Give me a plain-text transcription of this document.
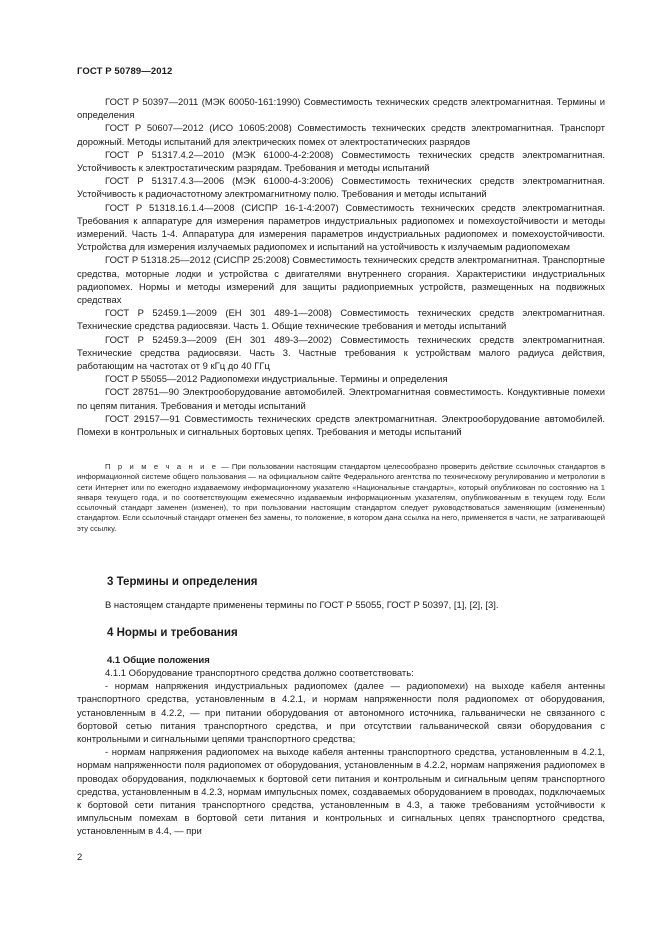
ГОСТ Р 50789—2012

ГОСТ Р 50397—2011 (МЭК 60050-161:1990) Совместимость технических средств электромагнитная. Термины и определения

ГОСТ Р 50607—2012 (ИСО 10605:2008) Совместимость технических средств электромагнитная. Транспорт дорожный. Методы испытаний для электрических помех от электростатических разрядов

ГОСТ Р 51317.4.2—2010 (МЭК 61000-4-2:2008) Совместимость технических средств электромагнитная. Устойчивость к электростатическим разрядам. Требования и методы испытаний

ГОСТ Р 51317.4.3—2006 (МЭК 61000-4-3:2006) Совместимость технических средств электромагнитная. Устойчивость к радиочастотному электромагнитному полю. Требования и методы испытаний

ГОСТ Р 51318.16.1.4—2008 (СИСПР 16-1-4:2007) Совместимость технических средств электромагнитная. Требования к аппаратуре для измерения параметров индустриальных радиопомех и помехоустойчивости и методы измерений. Часть 1-4. Аппаратура для измерения параметров индустриальных радиопомех и помехоустойчивости. Устройства для измерения излучаемых радиопомех и испытаний на устойчивость к излучаемым радиопомехам

ГОСТ Р 51318.25—2012 (СИСПР 25:2008) Совместимость технических средств электромагнитная. Транспортные средства, моторные лодки и устройства с двигателями внутреннего сгорания. Характеристики индустриальных радиопомех. Нормы и методы измерений для защиты радиоприемных устройств, размещенных на подвижных средствах

ГОСТ Р 52459.1—2009 (ЕН 301 489-1—2008) Совместимость технических средств электромагнитная. Технические средства радиосвязи. Часть 1. Общие технические требования и методы испытаний

ГОСТ Р 52459.3—2009 (ЕН 301 489-3—2002) Совместимость технических средств электромагнитная. Технические средства радиосвязи. Часть 3. Частные требования к устройствам малого радиуса действия, работающим на частотах от 9 кГц до 40 ГГц

ГОСТ Р 55055—2012 Радиопомехи индустриальные. Термины и определения

ГОСТ 28751—90 Электрооборудование автомобилей. Электромагнитная совместимость. Кондуктивные помехи по цепям питания. Требования и методы испытаний

ГОСТ 29157—91 Совместимость технических средств электромагнитная. Электрооборудование автомобилей. Помехи в контрольных и сигнальных бортовых цепях. Требования и методы испытаний

П р и м е ч а н и е — При пользовании настоящим стандартом целесообразно проверить действие ссылочных стандартов в информационной системе общего пользования — на официальном сайте Федерального агентства по техническому регулированию и метрологии в сети Интернет или по ежегодно издаваемому информационному указателю «Национальные стандарты», который опубликован по состоянию на 1 января текущего года, и по соответствующим ежемесячно издаваемым информационным указателям, опубликованным в текущем году. Если ссылочный стандарт заменен (изменен), то при пользовании настоящим стандартом следует руководствоваться заменяющим (измененным) стандартом. Если ссылочный стандарт отменен без замены, то положение, в котором дана ссылка на него, применяется в части, не затрагивающей эту ссылку.

3 Термины и определения

В настоящем стандарте применены термины по ГОСТ Р 55055, ГОСТ Р 50397, [1], [2], [3].

4 Нормы и требования
4.1 Общие положения

4.1.1 Оборудование транспортного средства должно соответствовать:

- нормам напряжения индустриальных радиопомех (далее — радиопомехи) на выходе кабеля антенны транспортного средства, установленным в 4.2.1, и нормам напряженности поля радиопомех от оборудования, установленным в 4.2.2, — при питании оборудования от автономного источника, гальванически не связанного с бортовой сетью питания транспортного средства, и при отсутствии гальванической связи оборудования с контрольными и сигнальными цепями транспортного средства;

- нормам напряжения радиопомех на выходе кабеля антенны транспортного средства, установленным в 4.2.1, нормам напряженности поля радиопомех от оборудования, установленным в 4.2.2, нормам напряжения радиопомех в проводах оборудования, подключаемых к бортовой сети питания и контрольным и сигнальным цепям транспортного средства, установленным в 4.2.3, нормам импульсных помех, создаваемых оборудованием в проводах, подключаемых к бортовой сети питания транспортного средства, установленным в 4.3, а также требованиям устойчивости к импульсным помехам в бортовой сети питания и контрольных и сигнальных цепях транспортного средства, установленным в 4.4, — при

2
